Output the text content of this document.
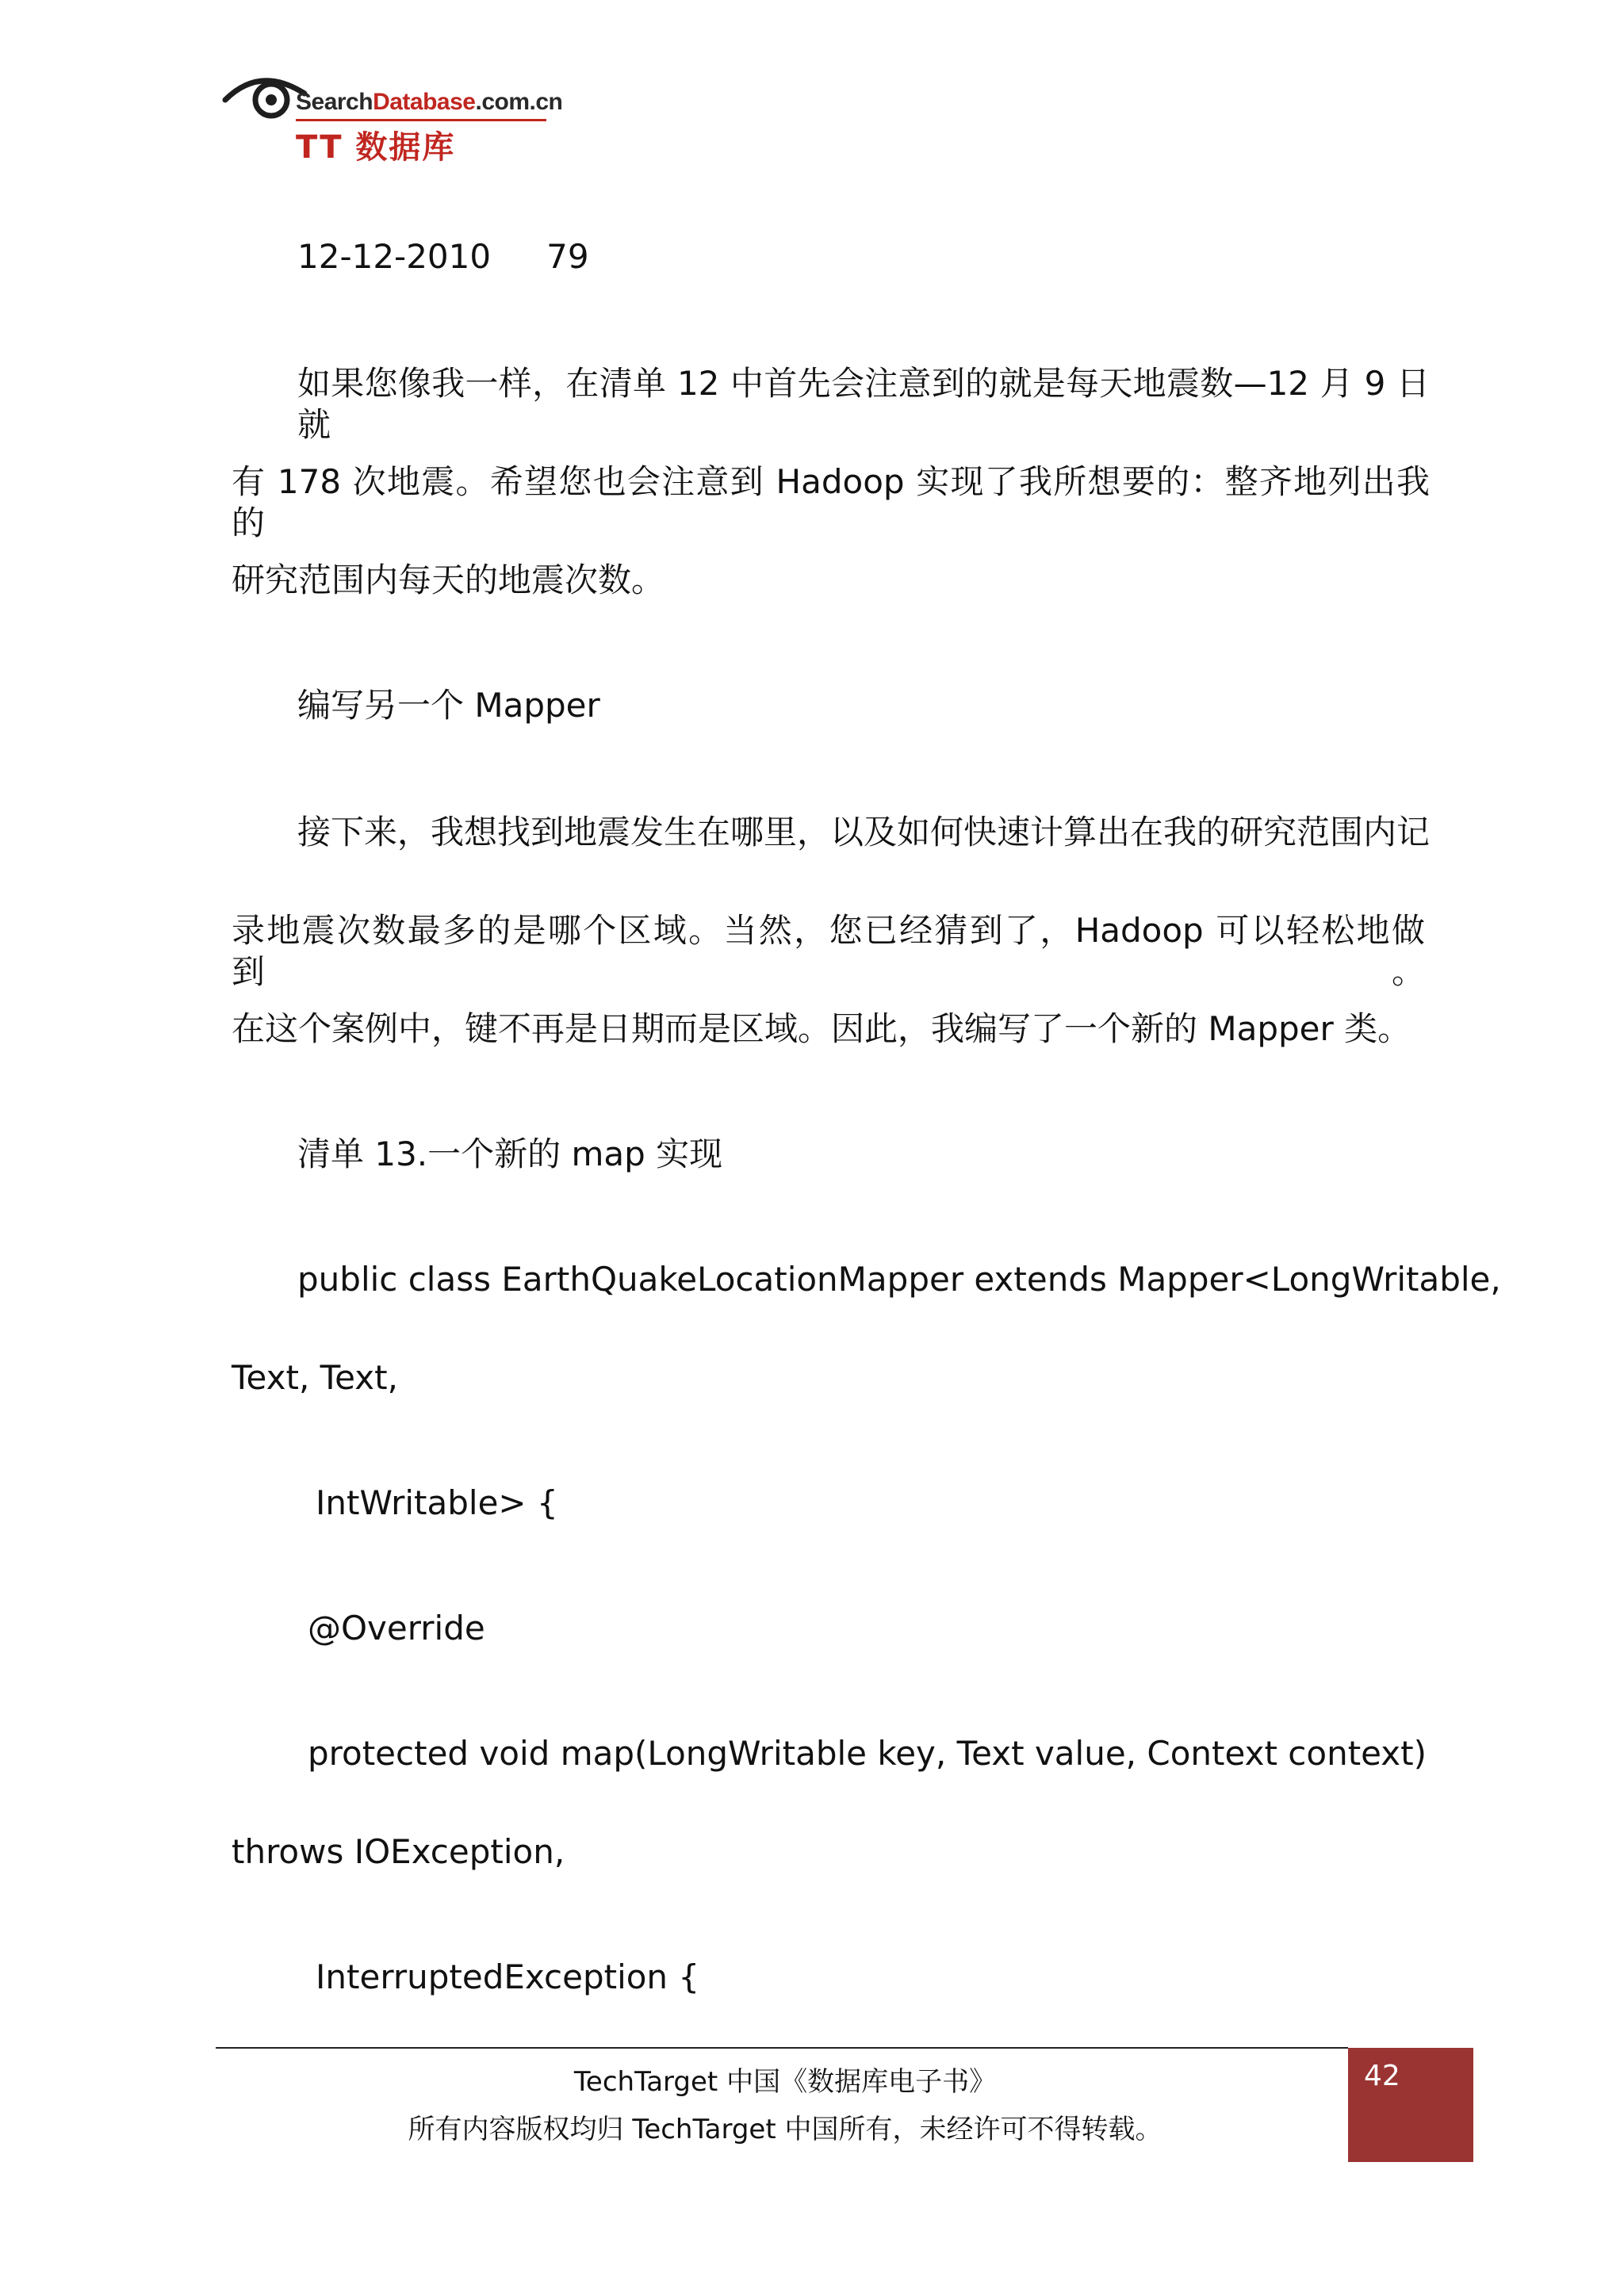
SearchDatabase.com.cn
TT 数据库
12-12-2010 79
如果您像我一样，在清单 12 中首先会注意到的就是每天地震数—12 月 9 日就
有 178 次地震。希望您也会注意到 Hadoop 实现了我所想要的：整齐地列出我的
研究范围内每天的地震次数。
编写另一个 Mapper
接下来，我想找到地震发生在哪里，以及如何快速计算出在我的研究范围内记
录地震次数最多的是哪个区域。当然，您已经猜到了，Hadoop 可以轻松地做到。
在这个案例中，键不再是日期而是区域。因此，我编写了一个新的 Mapper 类。
清单 13.一个新的 map 实现
public class EarthQuakeLocationMapper extends Mapper<LongWritable,
Text, Text,
IntWritable> {
@Override
protected void map(LongWritable key, Text value, Context context)
throws IOException,
InterruptedException {
TechTarget 中国《数据库电子书》
所有内容版权均归 TechTarget 中国所有，未经许可不得转载。
42
